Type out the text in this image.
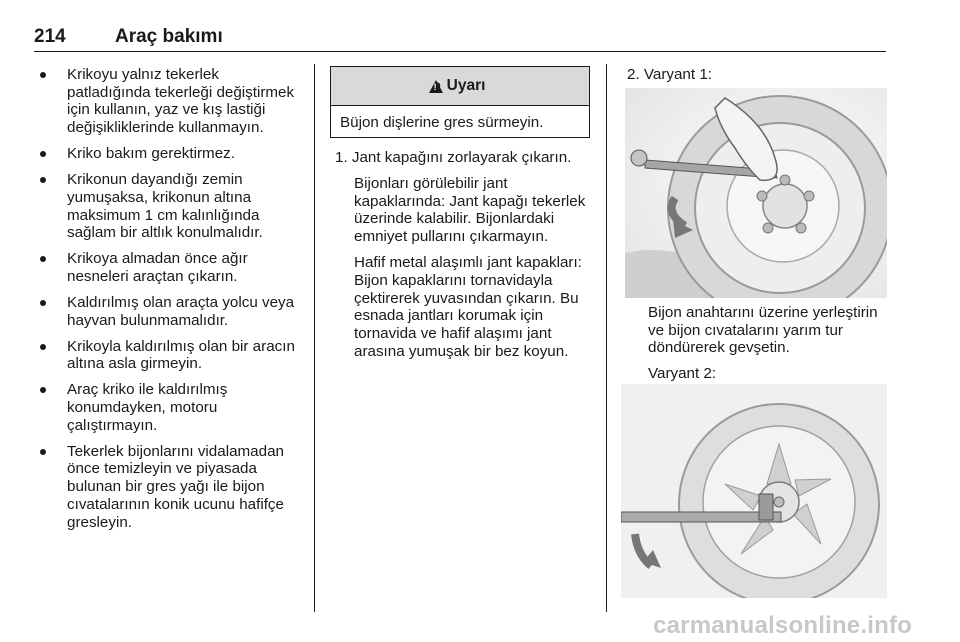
214	Araç bakımı
Krikoyu yalnız tekerlek patladığında tekerleği değiştirmek için kullanın, yaz ve kış lastiği değişikliklerinde kullanmayın.
Kriko bakım gerektirmez.
Krikonun dayandığı zemin yumuşaksa, krikonun altına maksimum 1 cm kalınlığında sağlam bir altlık konulmalıdır.
Krikoya almadan önce ağır nesneleri araçtan çıkarın.
Kaldırılmış olan araçta yolcu veya hayvan bulunmamalıdır.
Krikoyla kaldırılmış olan bir aracın altına asla girmeyin.
Araç kriko ile kaldırılmış konumdayken, motoru çalıştırmayın.
Tekerlek bijonlarını vidalamadan önce temizleyin ve piyasada bulunan bir gres yağı ile bijon cıvatalarının konik ucunu hafifçe gresleyin.
9
! Uyarı
Büjon dişlerine gres sürmeyin.

1. Jant kapağını zorlayarak çıkarın.

Bijonları görülebilir jant kapaklarında: Jant kapağı tekerlek üzerinde kalabilir. Bijonlardaki emniyet pullarını çıkarmayın.

Hafif metal alaşımlı jant kapakları: Bijon kapaklarını tornavidayla çektirerek yuvasından çıkarın. Bu esnada jantları korumak için tornavida ve hafif alaşımı jant arasına yumuşak bir bez koyun.

2. Varyant 1:

Bijon anahtarını üzerine yerleştirin ve bijon cıvatalarını yarım tur döndürerek gevşetin.

Varyant 2:

carmanualsonline.info
